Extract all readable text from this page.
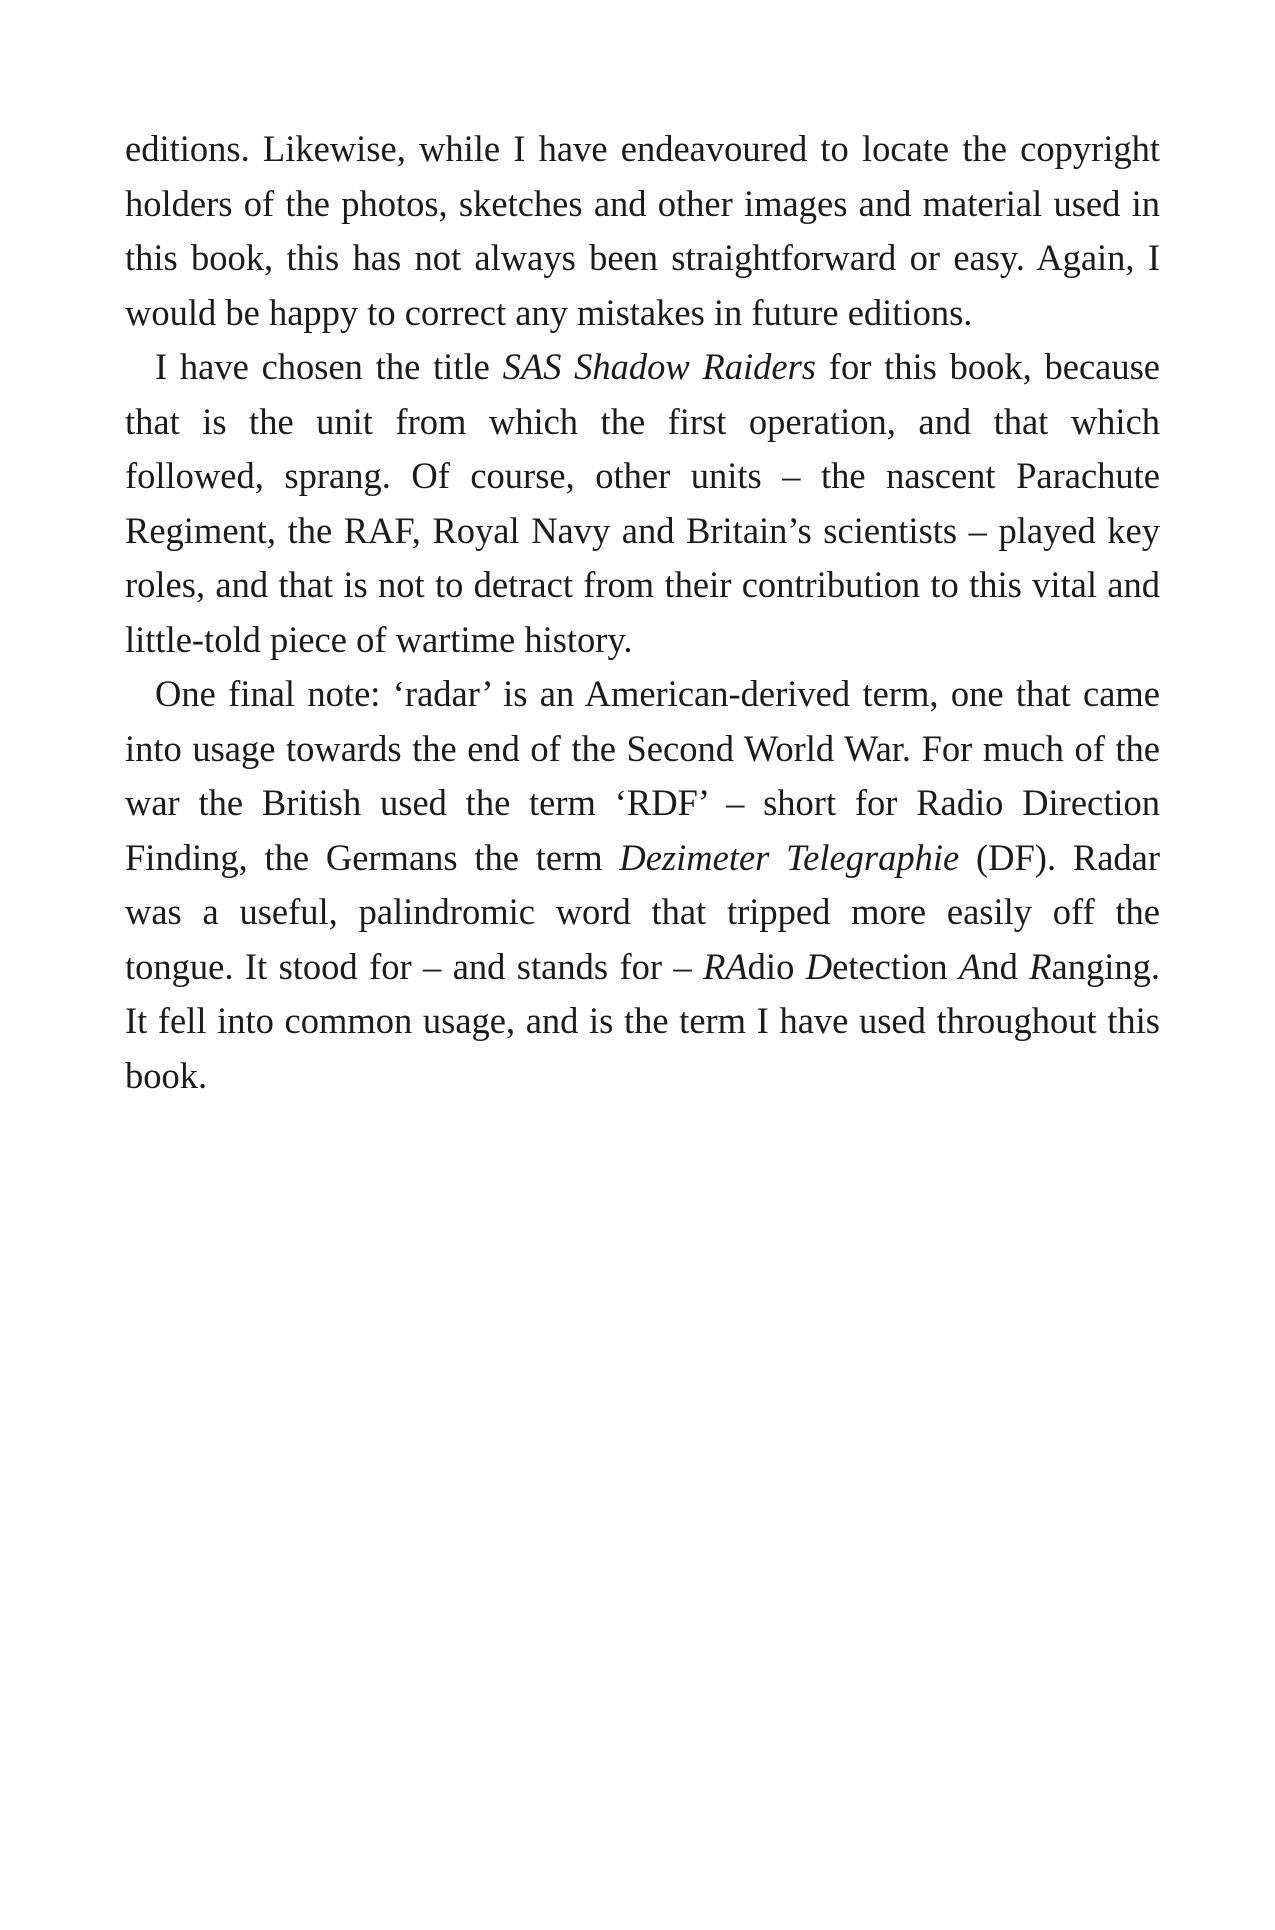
editions. Likewise, while I have endeavoured to locate the copyright holders of the photos, sketches and other images and material used in this book, this has not always been straightforward or easy. Again, I would be happy to correct any mistakes in future editions.

I have chosen the title SAS Shadow Raiders for this book, because that is the unit from which the first operation, and that which followed, sprang. Of course, other units – the nascent Parachute Regiment, the RAF, Royal Navy and Britain’s scientists – played key roles, and that is not to detract from their contribution to this vital and little-told piece of wartime history.

One final note: ‘radar’ is an American-derived term, one that came into usage towards the end of the Second World War. For much of the war the British used the term ‘RDF’ – short for Radio Direction Finding, the Germans the term Dezimeter Telegraphie (DF). Radar was a useful, palindromic word that tripped more easily off the tongue. It stood for – and stands for – RAdio Detection And Ranging. It fell into common usage, and is the term I have used throughout this book.
